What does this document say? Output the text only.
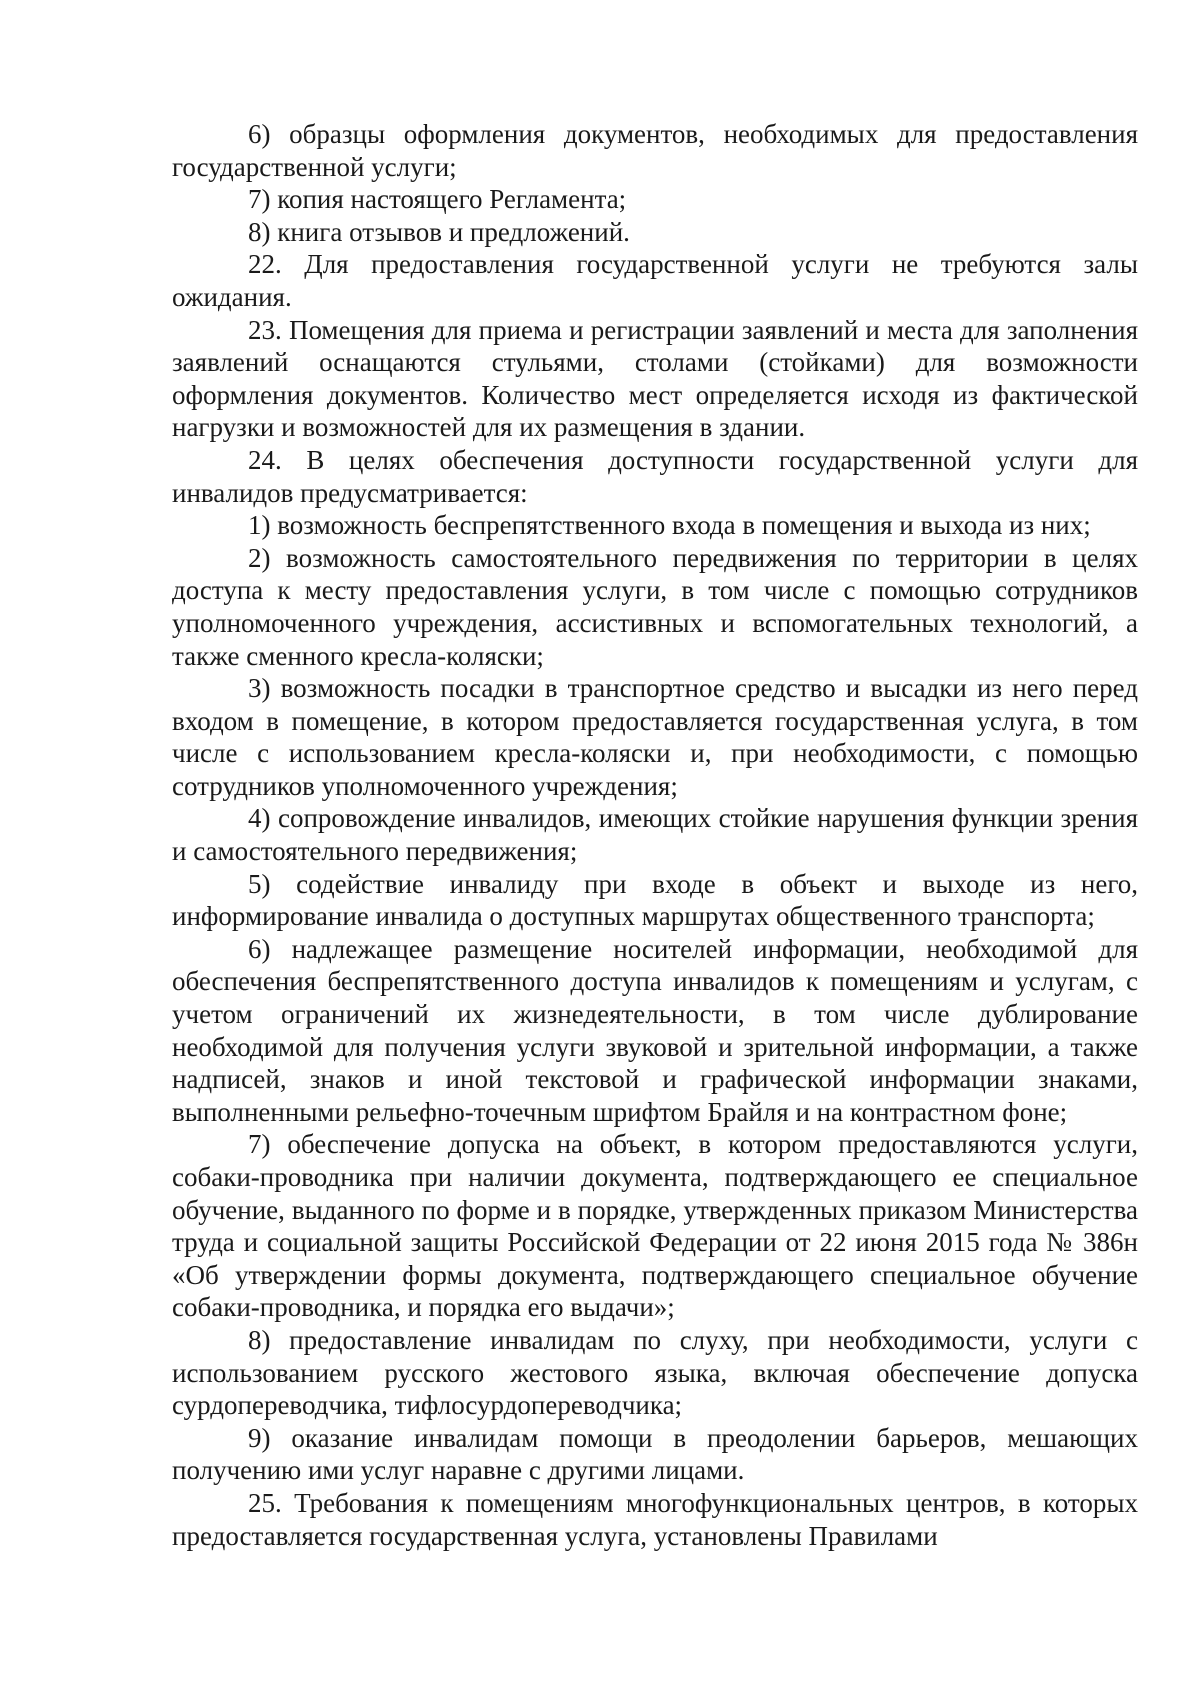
6) образцы оформления документов, необходимых для предоставления государственной услуги;

7) копия настоящего Регламента;

8) книга отзывов и предложений.

22. Для предоставления государственной услуги не требуются залы ожидания.

23. Помещения для приема и регистрации заявлений и места для заполнения заявлений оснащаются стульями, столами (стойками) для возможности оформления документов. Количество мест определяется исходя из фактической нагрузки и возможностей для их размещения в здании.

24. В целях обеспечения доступности государственной услуги для инвалидов предусматривается:

1) возможность беспрепятственного входа в помещения и выхода из них;

2) возможность самостоятельного передвижения по территории в целях доступа к месту предоставления услуги, в том числе с помощью сотрудников уполномоченного учреждения, ассистивных и вспомогательных технологий, а также сменного кресла-коляски;

3) возможность посадки в транспортное средство и высадки из него перед входом в помещение, в котором предоставляется государственная услуга, в том числе с использованием кресла-коляски и, при необходимости, с помощью сотрудников уполномоченного учреждения;

4) сопровождение инвалидов, имеющих стойкие нарушения функции зрения и самостоятельного передвижения;

5) содействие инвалиду при входе в объект и выходе из него, информирование инвалида о доступных маршрутах общественного транспорта;

6) надлежащее размещение носителей информации, необходимой для обеспечения беспрепятственного доступа инвалидов к помещениям и услугам, с учетом ограничений их жизнедеятельности, в том числе дублирование необходимой для получения услуги звуковой и зрительной информации, а также надписей, знаков и иной текстовой и графической информации знаками, выполненными рельефно-точечным шрифтом Брайля и на контрастном фоне;

7) обеспечение допуска на объект, в котором предоставляются услуги, собаки-проводника при наличии документа, подтверждающего ее специальное обучение, выданного по форме и в порядке, утвержденных приказом Министерства труда и социальной защиты Российской Федерации от 22 июня 2015 года № 386н «Об утверждении формы документа, подтверждающего специальное обучение собаки-проводника, и порядка его выдачи»;

8) предоставление инвалидам по слуху, при необходимости, услуги с использованием русского жестового языка, включая обеспечение допуска сурдопереводчика, тифлосурдопереводчика;

9) оказание инвалидам помощи в преодолении барьеров, мешающих получению ими услуг наравне с другими лицами.

25. Требования к помещениям многофункциональных центров, в которых предоставляется государственная услуга, установлены Правилами
